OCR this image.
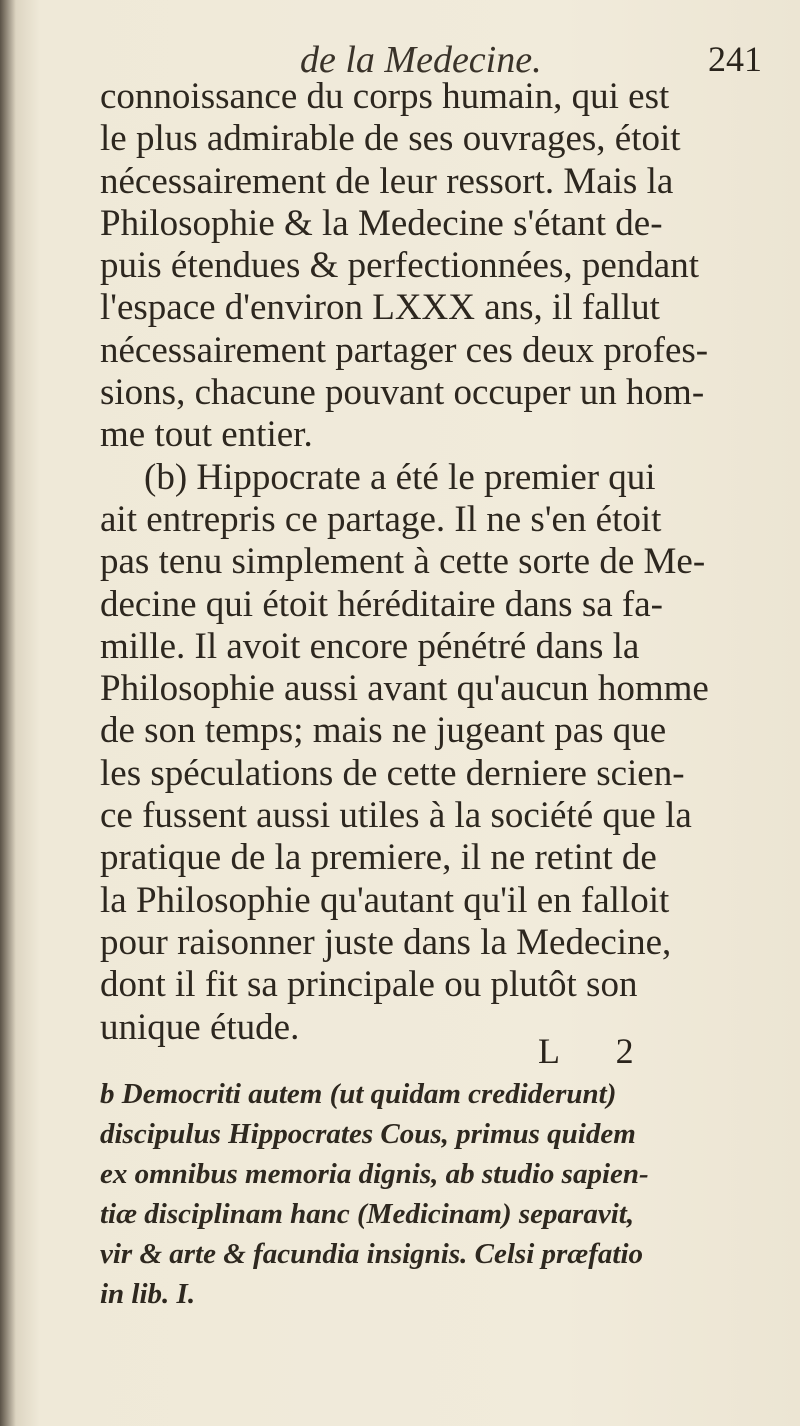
de la Medecine.	241
connoissance du corps humain, qui est
le plus admirable de ses ouvrages, étoit
nécessairement de leur ressort. Mais la
Philosophie & la Medecine s'étant de-
puis étendues & perfectionnées, pendant
l'espace d'environ LXXX ans, il fallut
nécessairement partager ces deux profes-
sions, chacune pouvant occuper un hom-
me tout entier.
(b) Hippocrate a été le premier qui
ait entrepris ce partage. Il ne s'en étoit
pas tenu simplement à cette sorte de Me-
decine qui étoit héréditaire dans sa fa-
mille. Il avoit encore pénétré dans la
Philosophie aussi avant qu'aucun homme
de son temps; mais ne jugeant pas que
les spéculations de cette derniere scien-
ce fussent aussi utiles à la société que la
pratique de la premiere, il ne retint de
la Philosophie qu'autant qu'il en falloit
pour raisonner juste dans la Medecine,
dont il fit sa principale ou plutôt son
unique étude.
L 2
b Democriti autem (ut quidam crediderunt)
discipulus Hippocrates Cous, primus quidem
ex omnibus memoria dignis, ab studio sapien-
tiæ disciplinam hanc (Medicinam) separavit,
vir & arte & facundia insignis. Celsi præfatio
in lib. I.
